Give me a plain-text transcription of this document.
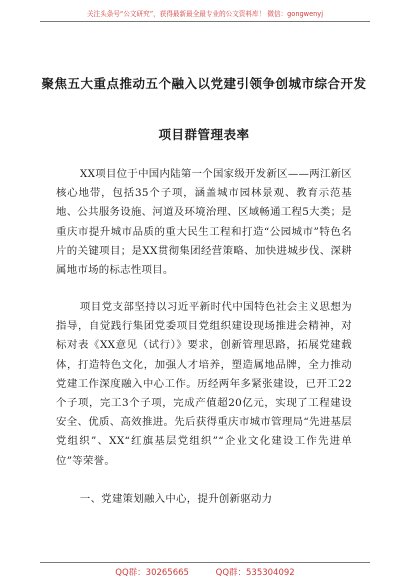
关注头条号“公文研究”，获得最新最全最专业的公文资料库！ 微信：gongwenyj
聚焦五大重点推动五个融入以党建引领争创城市综合开发
项目群管理表率

XX项目位于中国内陆第一个国家级开发新区——两江新区核心地带，包括35个子项，涵盖城市园林景观、教育示范基地、公共服务设施、河道及环境治理、区域畅通工程5大类；是重庆市提升城市品质的重大民生工程和打造“公园城市”特色名片的关键项目；是XX贯彻集团经营策略、加快进城步伐、深耕属地市场的标志性项目。

项目党支部坚持以习近平新时代中国特色社会主义思想为指导，自觉践行集团党委项目党组织建设现场推进会精神，对标对表《XX意见（试行）》要求，创新管理思路，拓展党建载体，打造特色文化，加强人才培养，塑造属地品牌，全力推动党建工作深度融入中心工作。历经两年多紧张建设，已开工22个子项，完工3个子项，完成产值超20亿元，实现了工程建设安全、优质、高效推进。先后获得重庆市城市管理局“先进基层党组织”、XX“红旗基层党组织”“企业文化建设工作先进单位”等荣誉。

一、党建策划融入中心，提升创新驱动力

QQ群：30265665	QQ群：535304092
